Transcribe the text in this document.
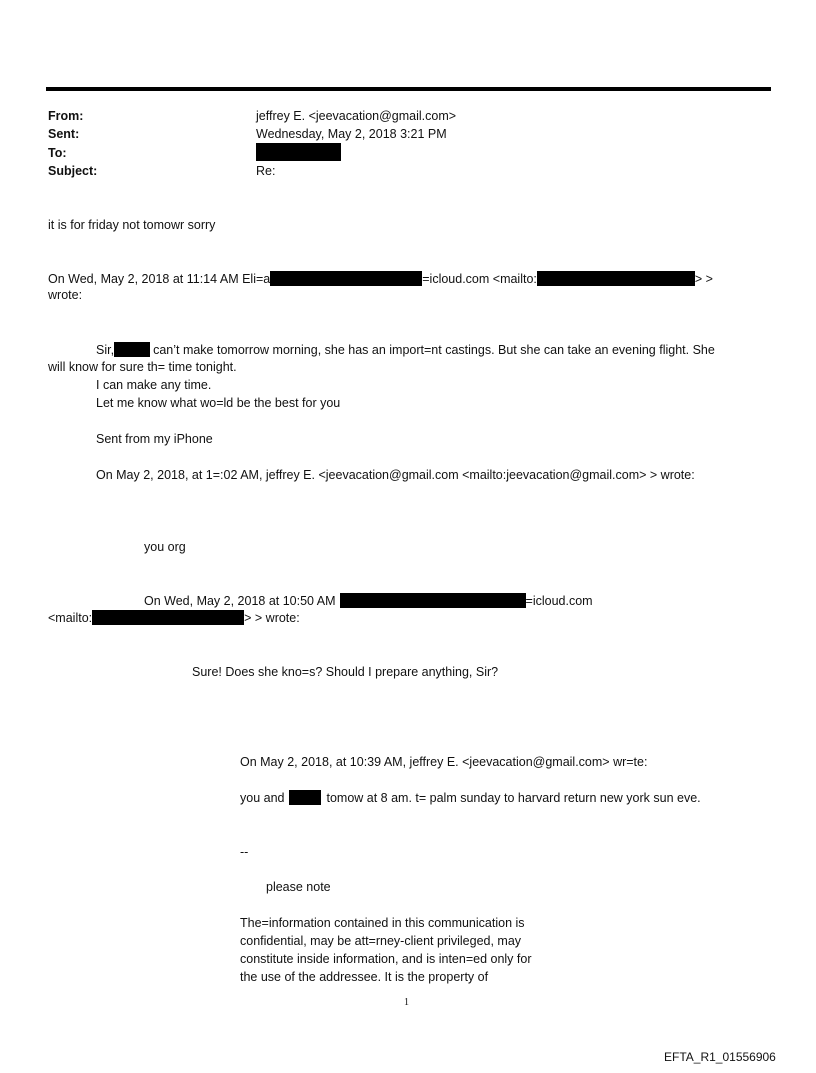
From:	jeffrey E. <jeevacation@gmail.com>
Sent:	Wednesday, May 2, 2018 3:21 PM
To:
Subject:	Re:
it is for friday not tomowr sorry
On Wed, May 2, 2018 at 11:14 AM Eli=a	=icloud.com <mailto:	> >
wrote:
Sir,	can’t make tomorrow morning, she has an import=nt castings. But she can take an evening flight. She
will know for sure th= time tonight.
I can make any time.
Let me know what wo=ld be the best for you
Sent from my iPhone
On May 2, 2018, at 1=:02 AM, jeffrey E. <jeevacation@gmail.com <mailto:jeevacation@gmail.com> > wrote:
you org
On Wed, May 2, 2018 at 10:50 AM	=icloud.com
<mailto:	> > wrote:
Sure! Does she kno=s? Should I prepare anything, Sir?
On May 2, 2018, at 10:39 AM, jeffrey E. <jeevacation@gmail.com> wr=te:
you and	tomow at 8 am. t= palm sunday to harvard return new york sun eve.
--
please note
The=information contained in this communication is
confidential, may be att=rney-client privileged, may
constitute inside information, and is inten=ed only for
the use of the addressee. It is the property of
1
EFTA_R1_01556906
